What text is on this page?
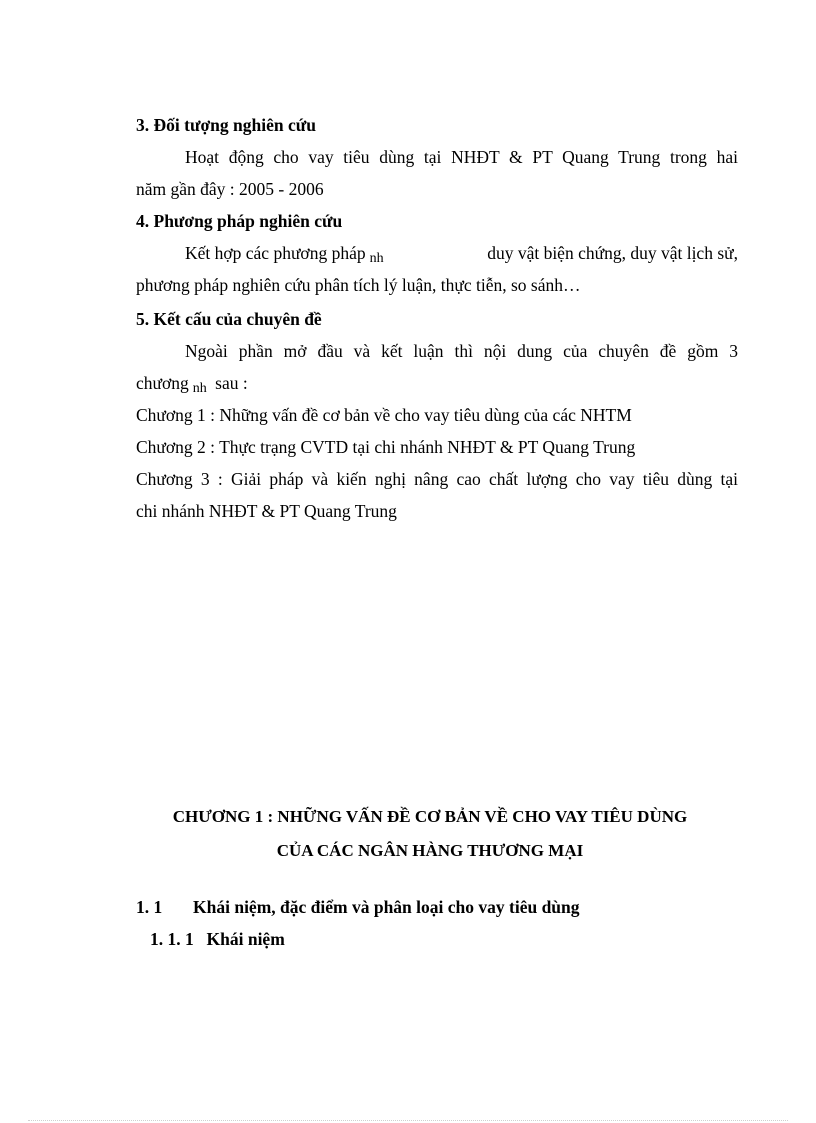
3. Đối tượng nghiên cứu
Hoạt động cho vay tiêu dùng tại NHĐT & PT Quang Trung trong hai
năm gần đây : 2005 - 2006
4. Phương pháp nghiên cứu
Kết hợp các phương pháp nh	duy vật biện chứng, duy vật lịch sử,
phương pháp nghiên cứu phân tích lý luận, thực tiễn, so sánh…
5. Kết cấu của chuyên đề
Ngoài phần mở đầu và kết luận thì nội dung của chuyên đề gồm 3
chương nh sau :
Chương 1 : Những vấn đề cơ bản về cho vay tiêu dùng của các NHTM
Chương 2 : Thực trạng CVTD tại chi nhánh NHĐT & PT Quang Trung
Chương 3 : Giải pháp và kiến nghị nâng cao chất lượng cho vay tiêu dùng tại
chi nhánh NHĐT & PT Quang Trung
CHƯƠNG 1 : NHỮNG VẤN ĐỀ CƠ BẢN VỀ CHO VAY TIÊU DÙNG
CỦA CÁC NGÂN HÀNG THƯƠNG MẠI
1. 1 Khái niệm, đặc điểm và phân loại cho vay tiêu dùng
1. 1. 1 Khái niệm
